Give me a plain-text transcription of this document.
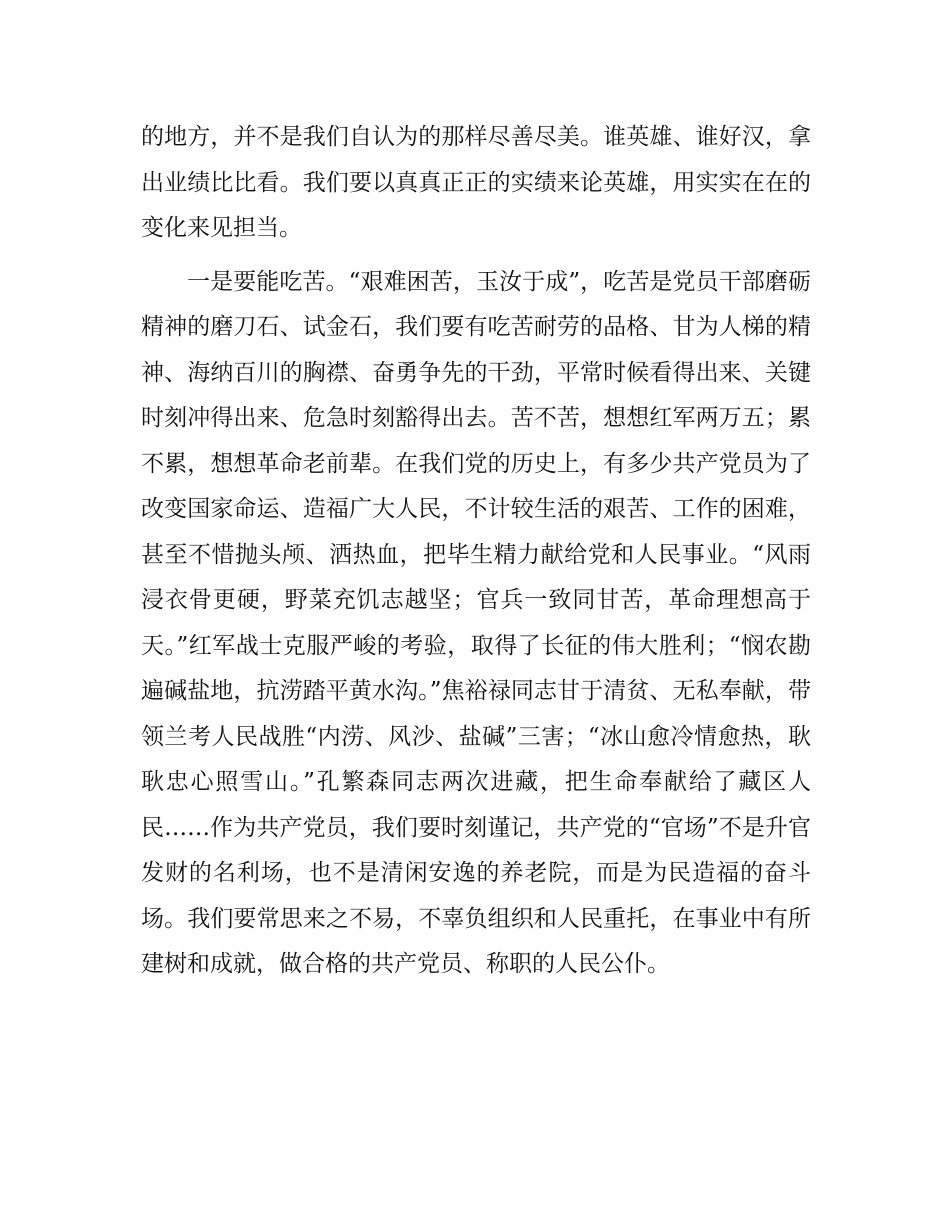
的地方，并不是我们自认为的那样尽善尽美。谁英雄、谁好汉，拿出业绩比比看。我们要以真真正正的实绩来论英雄，用实实在在的变化来见担当。

一是要能吃苦。“艰难困苦，玉汝于成”，吃苦是党员干部磨砺精神的磨刀石、试金石，我们要有吃苦耐劳的品格、甘为人梯的精神、海纳百川的胸襟、奋勇争先的干劲，平常时候看得出来、关键时刻冲得出来、危急时刻豁得出去。苦不苦，想想红军两万五；累不累，想想革命老前辈。在我们党的历史上，有多少共产党员为了改变国家命运、造福广大人民，不计较生活的艰苦、工作的困难，甚至不惜抛头颅、洒热血，把毕生精力献给党和人民事业。“风雨浸衣骨更硬，野菜充饥志越坚；官兵一致同甘苦，革命理想高于天。”红军战士克服严峻的考验，取得了长征的伟大胜利；“悯农勘遍碱盐地，抗涝踏平黄水沟。”焦裕禄同志甘于清贫、无私奉献，带领兰考人民战胜“内涝、风沙、盐碱”三害；“冰山愈冷情愈热，耿耿忠心照雪山。”孔繁森同志两次进藏，把生命奉献给了藏区人民……作为共产党员，我们要时刻谨记，共产党的“官场”不是升官发财的名利场，也不是清闲安逸的养老院，而是为民造福的奋斗场。我们要常思来之不易，不辜负组织和人民重托，在事业中有所建树和成就，做合格的共产党员、称职的人民公仆。
